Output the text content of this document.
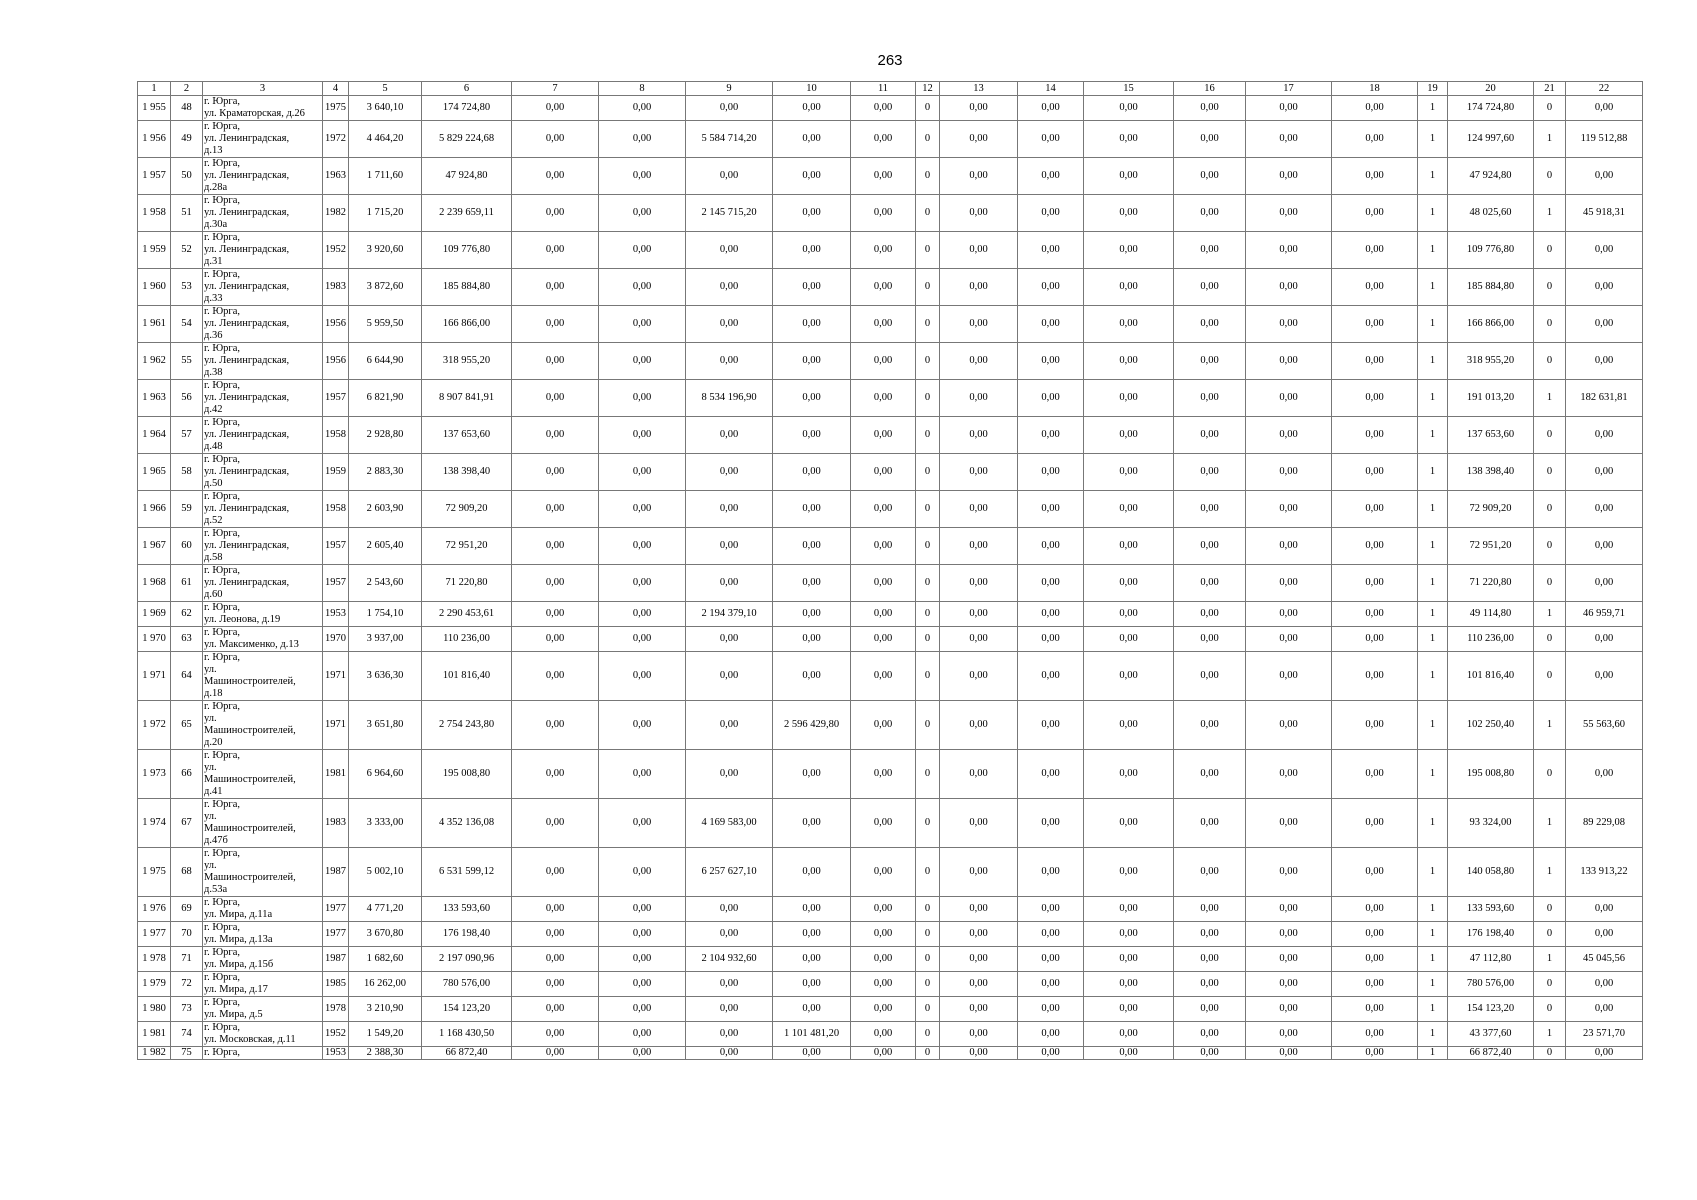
263
1	2	3	4	5	6	7	8	9	10	11	12	13	14	15	16	17	18	19	20	21	22
1 955	48	г. Юрга,
ул. Краматорская, д.26	1975	3 640,10	174 724,80	0,00	0,00	0,00	0,00	0,00	0	0,00	0,00	0,00	0,00	0,00	0,00	1	174 724,80	0	0,00
1 956	49	г. Юрга,
ул. Ленинградская,
д.13	1972	4 464,20	5 829 224,68	0,00	0,00	5 584 714,20	0,00	0,00	0	0,00	0,00	0,00	0,00	0,00	0,00	1	124 997,60	1	119 512,88
1 957	50	г. Юрга,
ул. Ленинградская,
д.28а	1963	1 711,60	47 924,80	0,00	0,00	0,00	0,00	0,00	0	0,00	0,00	0,00	0,00	0,00	0,00	1	47 924,80	0	0,00
1 958	51	г. Юрга,
ул. Ленинградская,
д.30а	1982	1 715,20	2 239 659,11	0,00	0,00	2 145 715,20	0,00	0,00	0	0,00	0,00	0,00	0,00	0,00	0,00	1	48 025,60	1	45 918,31
1 959	52	г. Юрга,
ул. Ленинградская,
д.31	1952	3 920,60	109 776,80	0,00	0,00	0,00	0,00	0,00	0	0,00	0,00	0,00	0,00	0,00	0,00	1	109 776,80	0	0,00
1 960	53	г. Юрга,
ул. Ленинградская,
д.33	1983	3 872,60	185 884,80	0,00	0,00	0,00	0,00	0,00	0	0,00	0,00	0,00	0,00	0,00	0,00	1	185 884,80	0	0,00
1 961	54	г. Юрга,
ул. Ленинградская,
д.36	1956	5 959,50	166 866,00	0,00	0,00	0,00	0,00	0,00	0	0,00	0,00	0,00	0,00	0,00	0,00	1	166 866,00	0	0,00
1 962	55	г. Юрга,
ул. Ленинградская,
д.38	1956	6 644,90	318 955,20	0,00	0,00	0,00	0,00	0,00	0	0,00	0,00	0,00	0,00	0,00	0,00	1	318 955,20	0	0,00
1 963	56	г. Юрга,
ул. Ленинградская,
д.42	1957	6 821,90	8 907 841,91	0,00	0,00	8 534 196,90	0,00	0,00	0	0,00	0,00	0,00	0,00	0,00	0,00	1	191 013,20	1	182 631,81
1 964	57	г. Юрга,
ул. Ленинградская,
д.48	1958	2 928,80	137 653,60	0,00	0,00	0,00	0,00	0,00	0	0,00	0,00	0,00	0,00	0,00	0,00	1	137 653,60	0	0,00
1 965	58	г. Юрга,
ул. Ленинградская,
д.50	1959	2 883,30	138 398,40	0,00	0,00	0,00	0,00	0,00	0	0,00	0,00	0,00	0,00	0,00	0,00	1	138 398,40	0	0,00
1 966	59	г. Юрга,
ул. Ленинградская,
д.52	1958	2 603,90	72 909,20	0,00	0,00	0,00	0,00	0,00	0	0,00	0,00	0,00	0,00	0,00	0,00	1	72 909,20	0	0,00
1 967	60	г. Юрга,
ул. Ленинградская,
д.58	1957	2 605,40	72 951,20	0,00	0,00	0,00	0,00	0,00	0	0,00	0,00	0,00	0,00	0,00	0,00	1	72 951,20	0	0,00
1 968	61	г. Юрга,
ул. Ленинградская,
д.60	1957	2 543,60	71 220,80	0,00	0,00	0,00	0,00	0,00	0	0,00	0,00	0,00	0,00	0,00	0,00	1	71 220,80	0	0,00
1 969	62	г. Юрга,
ул. Леонова, д.19	1953	1 754,10	2 290 453,61	0,00	0,00	2 194 379,10	0,00	0,00	0	0,00	0,00	0,00	0,00	0,00	0,00	1	49 114,80	1	46 959,71
1 970	63	г. Юрга,
ул. Максименко, д.13	1970	3 937,00	110 236,00	0,00	0,00	0,00	0,00	0,00	0	0,00	0,00	0,00	0,00	0,00	0,00	1	110 236,00	0	0,00
1 971	64	г. Юрга,
ул.
Машиностроителей,
д.18	1971	3 636,30	101 816,40	0,00	0,00	0,00	0,00	0,00	0	0,00	0,00	0,00	0,00	0,00	0,00	1	101 816,40	0	0,00
1 972	65	г. Юрга,
ул.
Машиностроителей,
д.20	1971	3 651,80	2 754 243,80	0,00	0,00	0,00	2 596 429,80	0,00	0	0,00	0,00	0,00	0,00	0,00	0,00	1	102 250,40	1	55 563,60
1 973	66	г. Юрга,
ул.
Машиностроителей,
д.41	1981	6 964,60	195 008,80	0,00	0,00	0,00	0,00	0,00	0	0,00	0,00	0,00	0,00	0,00	0,00	1	195 008,80	0	0,00
1 974	67	г. Юрга,
ул.
Машиностроителей,
д.47б	1983	3 333,00	4 352 136,08	0,00	0,00	4 169 583,00	0,00	0,00	0	0,00	0,00	0,00	0,00	0,00	0,00	1	93 324,00	1	89 229,08
1 975	68	г. Юрга,
ул.
Машиностроителей,
д.53а	1987	5 002,10	6 531 599,12	0,00	0,00	6 257 627,10	0,00	0,00	0	0,00	0,00	0,00	0,00	0,00	0,00	1	140 058,80	1	133 913,22
1 976	69	г. Юрга,
ул. Мира, д.11а	1977	4 771,20	133 593,60	0,00	0,00	0,00	0,00	0,00	0	0,00	0,00	0,00	0,00	0,00	0,00	1	133 593,60	0	0,00
1 977	70	г. Юрга,
ул. Мира, д.13а	1977	3 670,80	176 198,40	0,00	0,00	0,00	0,00	0,00	0	0,00	0,00	0,00	0,00	0,00	0,00	1	176 198,40	0	0,00
1 978	71	г. Юрга,
ул. Мира, д.15б	1987	1 682,60	2 197 090,96	0,00	0,00	2 104 932,60	0,00	0,00	0	0,00	0,00	0,00	0,00	0,00	0,00	1	47 112,80	1	45 045,56
1 979	72	г. Юрга,
ул. Мира, д.17	1985	16 262,00	780 576,00	0,00	0,00	0,00	0,00	0,00	0	0,00	0,00	0,00	0,00	0,00	0,00	1	780 576,00	0	0,00
1 980	73	г. Юрга,
ул. Мира, д.5	1978	3 210,90	154 123,20	0,00	0,00	0,00	0,00	0,00	0	0,00	0,00	0,00	0,00	0,00	0,00	1	154 123,20	0	0,00
1 981	74	г. Юрга,
ул. Московская, д.11	1952	1 549,20	1 168 430,50	0,00	0,00	0,00	1 101 481,20	0,00	0	0,00	0,00	0,00	0,00	0,00	0,00	1	43 377,60	1	23 571,70
1 982	75	г. Юрга,	1953	2 388,30	66 872,40	0,00	0,00	0,00	0,00	0,00	0	0,00	0,00	0,00	0,00	0,00	0,00	1	66 872,40	0	0,00
